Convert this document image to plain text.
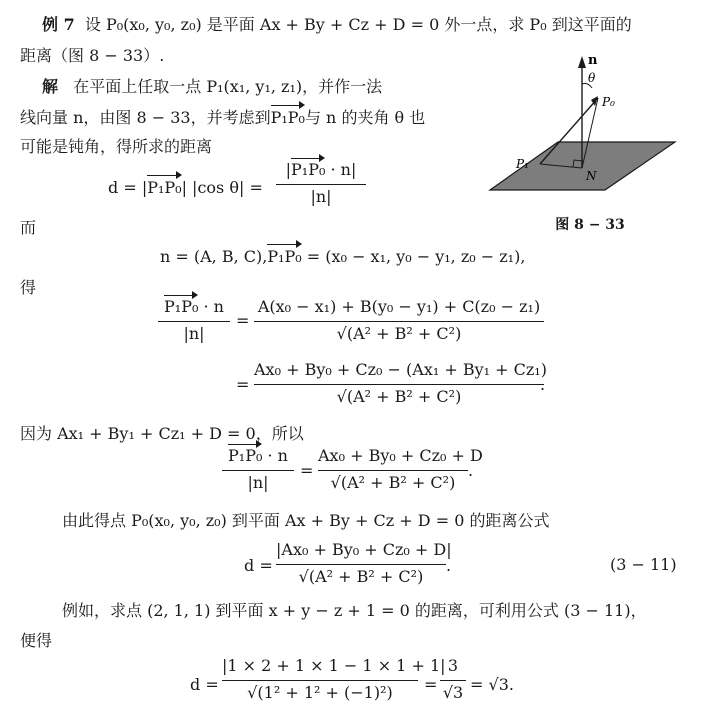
例 7 设 P₀(x₀, y₀, z₀) 是平面 Ax + By + Cz + D = 0 外一点，求 P₀ 到这平面的
距离（图 8 − 33）.
解 在平面上任取一点 P₁(x₁, y₁, z₁)，并作一法
线向量 n，由图 8 − 33，并考虑到P₁P₀与 n 的夹角 θ 也
可能是钝角，得所求的距离
d = |P₁P₀| |cos θ| =
|P₁P₀ · n|
|n|
而
n = (A, B, C),P₁P₀ = (x₀ − x₁, y₀ − y₁, z₀ − z₁),
得
P₁P₀ · n
|n|
=
A(x₀ − x₁) + B(y₀ − y₁) + C(z₀ − z₁)
√(A² + B² + C²)
=
Ax₀ + By₀ + Cz₀ − (Ax₁ + By₁ + Cz₁)
√(A² + B² + C²)
.
因为 Ax₁ + By₁ + Cz₁ + D = 0，所以
P₁P₀ · n
|n|
=
Ax₀ + By₀ + Cz₀ + D
√(A² + B² + C²)
.
由此得点 P₀(x₀, y₀, z₀) 到平面 Ax + By + Cz + D = 0 的距离公式
d =
|Ax₀ + By₀ + Cz₀ + D|
√(A² + B² + C²)
.	(3 − 11)
例如，求点 (2, 1, 1) 到平面 x + y − z + 1 = 0 的距离，可利用公式 (3 − 11)，
便得
d =
|1 × 2 + 1 × 1 − 1 × 1 + 1|
√(1² + 1² + (−1)²)	=
3
√3 = √3.
n
θ
P₀
P₁
N
图 8 − 33
